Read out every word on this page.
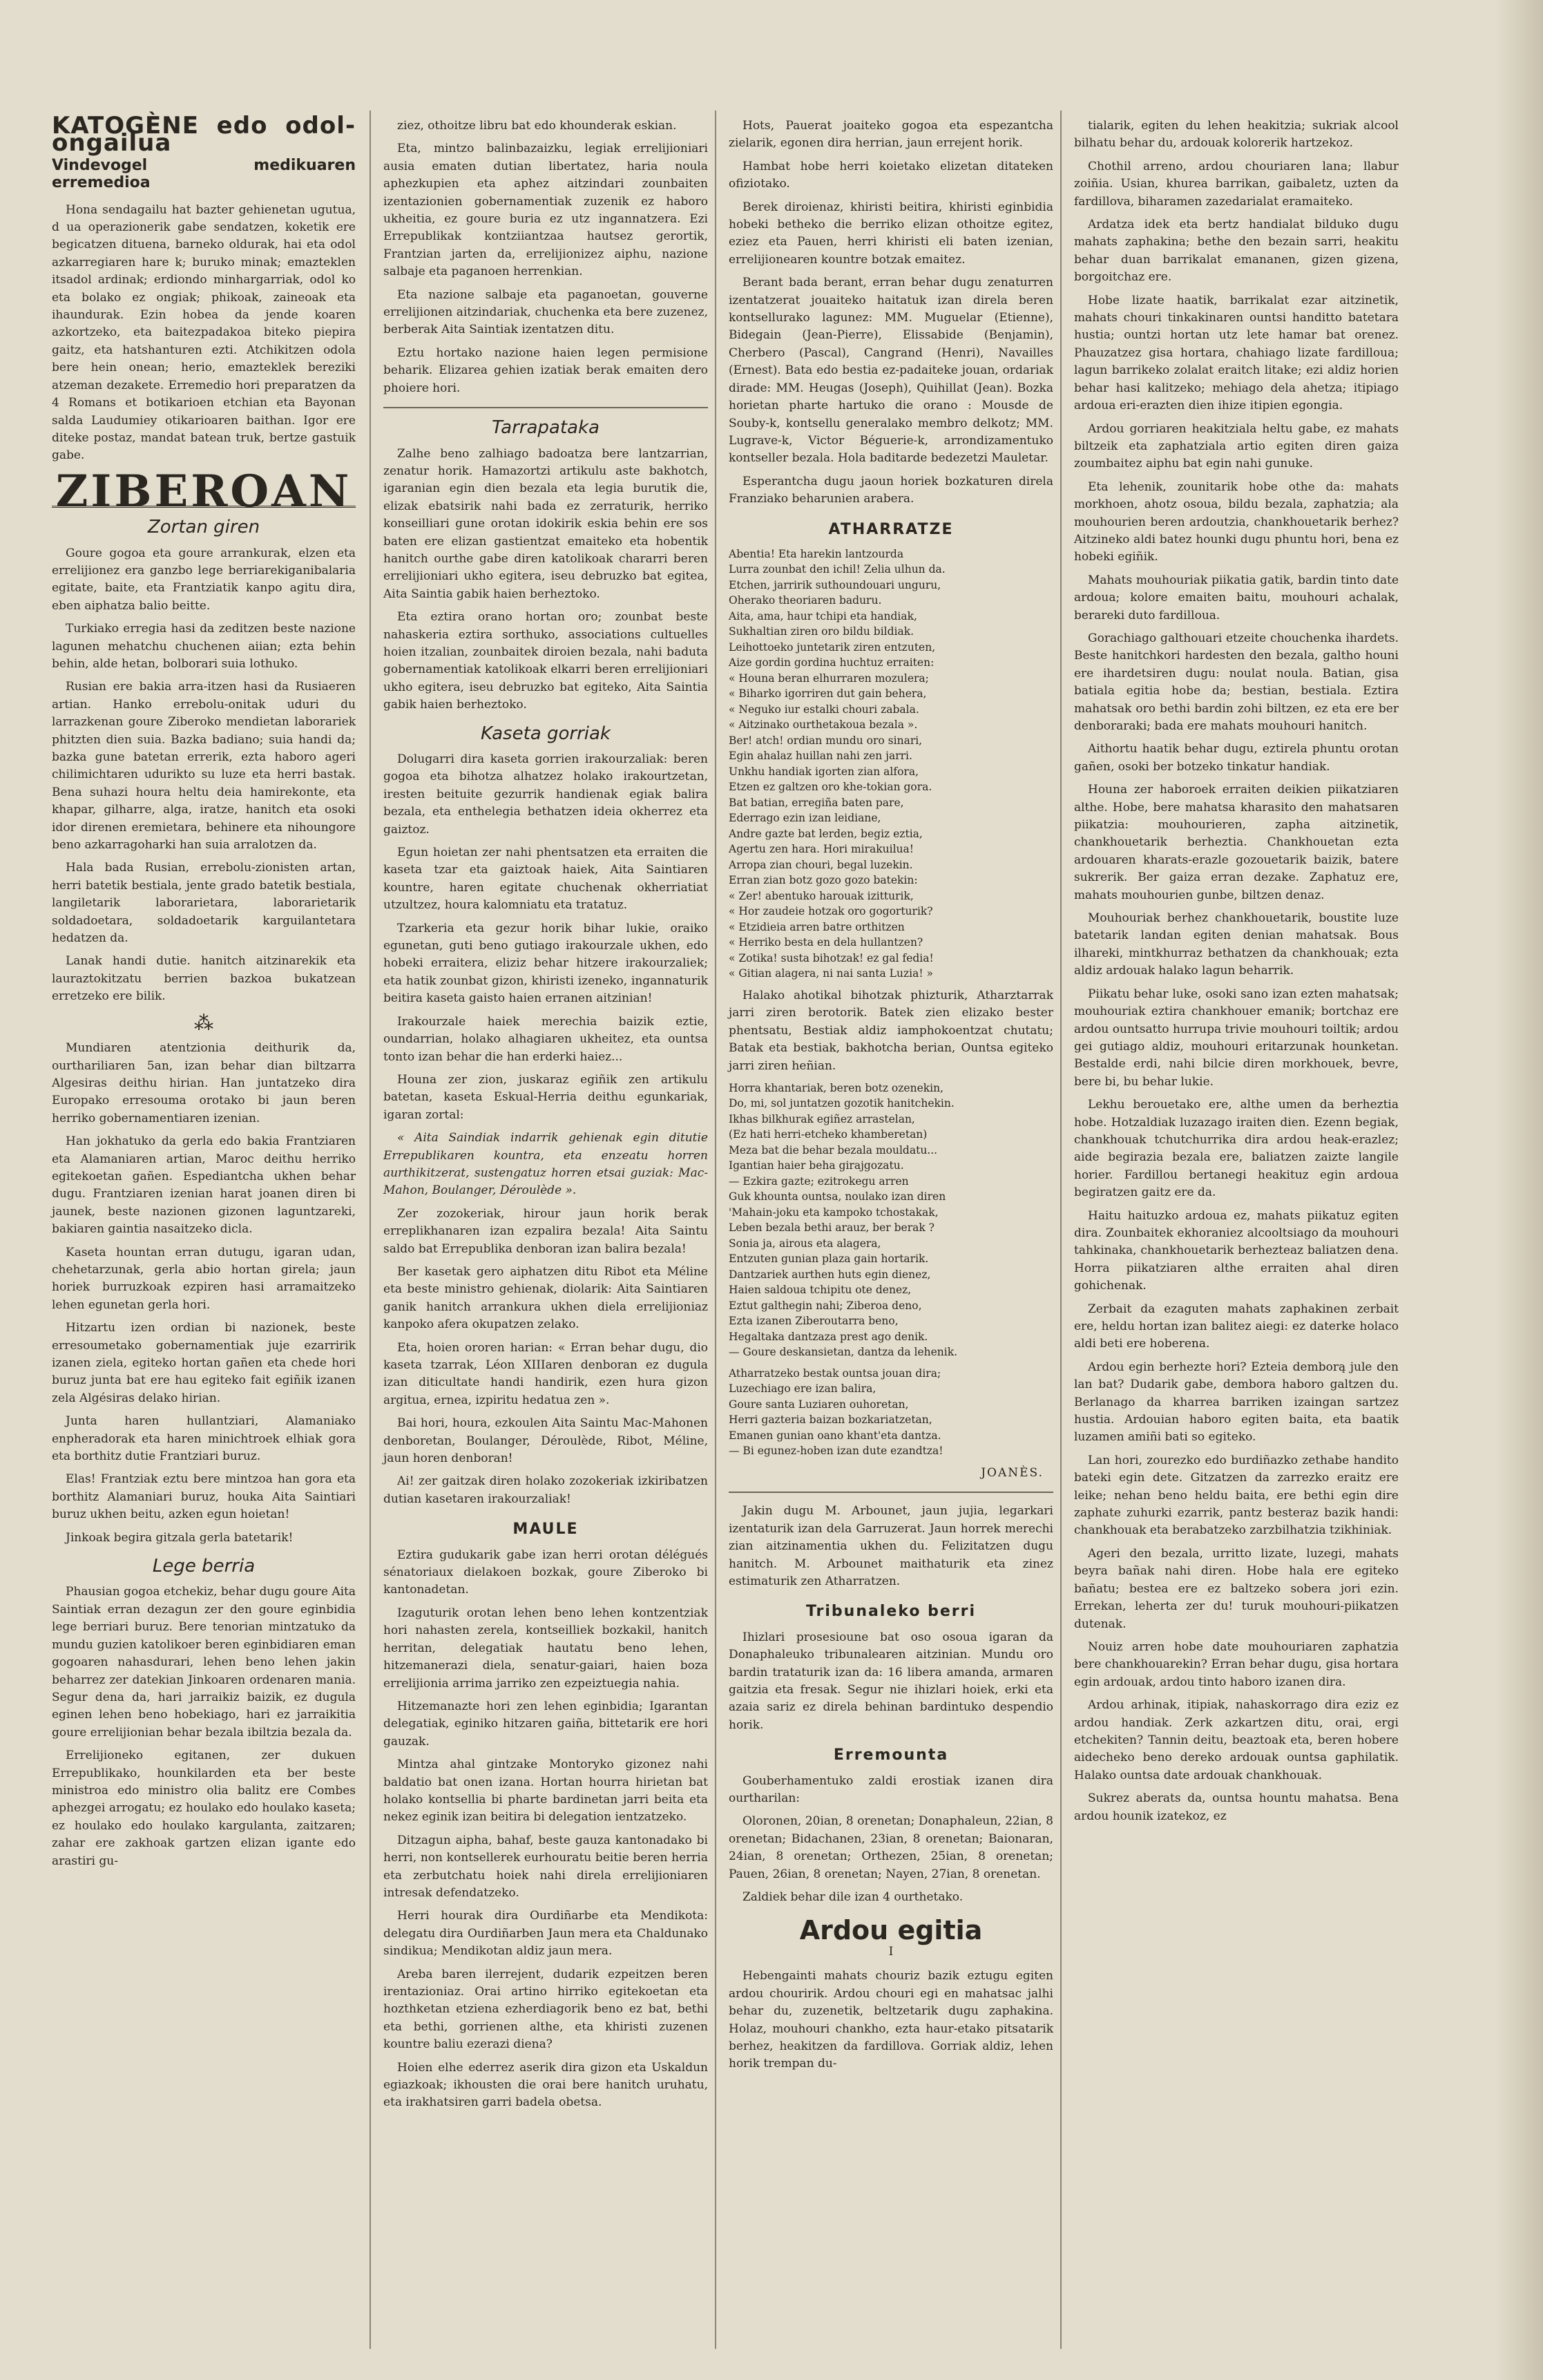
KATOGÈNE edo odol-ongailua
Vindevogel medikuaren erremedioa

Hona sendagailu hat bazter gehienetan ugutua, d ua operazionerik gabe sendatzen, koketik ere begicatzen dituena, barneko oldurak, hai eta odol azkarregiaren hare k; buruko minak; emazteklen itsadol ardinak; erdiondo minhargarriak, odol ko eta bolako ez ongiak; phikoak, zaineoak eta ihaundurak. Ezin hobea da jende koaren azkortzeko, eta baitezpadakoa biteko piepira gaitz, eta hatshanturen ezti. Atchikitzen odola bere hein onean; herio, emazteklek bereziki atzeman dezakete. Erremedio hori preparatzen da 4 Romans et botikarioen etchian eta Bayonan salda Laudumiey otikarioaren baithan. Igor ere diteke postaz, mandat batean truk, bertze gastuik gabe.

ZIBEROAN
Zortan giren

Goure gogoa eta goure arrankurak, elzen eta errelijionez era ganzbo lege berriarekiganibalaria egitate, baite, eta Frantziatik kanpo agitu dira, eben aiphatza balio beitte.

Turkiako erregia hasi da zeditzen beste nazione lagunen mehatchu chuchenen aiian; ezta behin behin, alde hetan, bolborari suia lothuko.

Rusian ere bakia arra-itzen hasi da Rusiaeren artian. Hanko errebolu-onitak uduri du larrazkenan goure Ziberoko mendietan laborariek phitzten dien suia. Bazka badiano; suia handi da; bazka gune batetan errerik, ezta haboro ageri chilimichtaren udurikto su luze eta herri bastak. Bena suhazi houra heltu deia hamirekonte, eta khapar, gilharre, alga, iratze, hanitch eta osoki idor direnen eremietara, behinere eta nihoungore beno azkarragoharki han suia arralotzen da.

Hala bada Rusian, errebolu-zionisten artan, herri batetik bestiala, jente grado batetik bestiala, langiletarik laborarietara, laborarietarik soldadoetara, soldadoetarik karguilantetara hedatzen da.

Lanak handi dutie. hanitch aitzinarekik eta lauraztokitzatu berrien bazkoa bukatzean erretzeko ere bilik.

⁂

Mundiaren atentzionia deithurik da, ourthariliaren 5an, izan behar dian biltzarra Algesiras deithu hirian. Han juntatzeko dira Europako erresouma orotako bi jaun beren herriko gobernamentiaren izenian.

Han jokhatuko da gerla edo bakia Frantziaren eta Alamaniaren artian, Maroc deithu herriko egitekoetan gañen. Espediantcha ukhen behar dugu. Frantziaren izenian harat joanen diren bi jaunek, beste nazionen gizonen laguntzareki, bakiaren gaintia nasaitzeko dicla.

Kaseta hountan erran dutugu, igaran udan, chehetarzunak, gerla abio hortan girela; jaun horiek burruzkoak ezpiren hasi arramaitzeko lehen egunetan gerla hori.

Hitzartu izen ordian bi nazionek, beste erresoumetako gobernamentiak juje ezarririk izanen ziela, egiteko hortan gañen eta chede hori buruz junta bat ere hau egiteko fait egiñik izanen zela Algésiras delako hirian.

Junta haren hullantziari, Alamaniako enpheradorak eta haren minichtroek elhiak gora eta borthitz dutie Frantziari buruz.

Elas! Frantziak eztu bere mintzoa han gora eta borthitz Alamaniari buruz, houka Aita Saintiari buruz ukhen beitu, azken egun hoietan!

Jinkoak begira gitzala gerla batetarik!

Lege berria

Phausian gogoa etchekiz, behar dugu goure Aita Saintiak erran dezagun zer den goure eginbidia lege berriari buruz. Bere tenorian mintzatuko da mundu guzien katolikoer beren eginbidiaren eman gogoaren nahasdurari, lehen beno lehen jakin beharrez zer datekian Jinkoaren ordenaren mania. Segur dena da, hari jarraikiz baizik, ez dugula eginen lehen beno hobekiago, hari ez jarraikitia goure errelijionian behar bezala ibiltzia bezala da.

Errelijioneko egitanen, zer dukuen Errepublikako, hounkilarden eta ber beste ministroa edo ministro olia balitz ere Combes aphezgei arrogatu; ez houlako edo houlako kaseta; ez houlako edo houlako kargulanta, zaitzaren; zahar ere zakhoak gartzen elizan igante edo arastiri gu-

ziez, othoitze libru bat edo khounderak eskian.

Eta, mintzo balinbazaizku, legiak errelijioniari ausia ematen dutian libertatez, haria noula aphezkupien eta aphez aitzindari zounbaiten izentazionien gobernamentiak zuzenik ez haboro ukheitia, ez goure buria ez utz ingannatzera. Ezi Errepublikak kontziiantzaa hautsez gerortik, Frantzian jarten da, errelijionizez aiphu, nazione salbaje eta paganoen herrenkian.

Eta nazione salbaje eta paganoetan, gouverne errelijionen aitzindariak, chuchenka eta bere zuzenez, berberak Aita Saintiak izentatzen ditu.

Eztu hortako nazione haien legen permisione beharik. Elizarea gehien izatiak berak emaiten dero phoiere hori.

Tarrapataka

Zalhe beno zalhiago badoatza bere lantzarrian, zenatur horik. Hamazortzi artikulu aste bakhotch, igaranian egin dien bezala eta legia burutik die, elizak ebatsirik nahi bada ez zerraturik, herriko konseilliari gune orotan idokirik eskia behin ere sos baten ere elizan gastientzat emaiteko eta hobentik hanitch ourthe gabe diren katolikoak chararri beren errelijioniari ukho egitera, iseu debruzko bat egitea, Aita Saintia gabik haien berheztoko.

Eta eztira orano hortan oro; zounbat beste nahaskeria eztira sorthuko, associations cultuelles hoien itzalian, zounbaitek diroien bezala, nahi baduta gobernamentiak katolikoak elkarri beren errelijioniari ukho egitera, iseu debruzko bat egiteko, Aita Saintia gabik haien berheztoko.

Kaseta gorriak

Dolugarri dira kaseta gorrien irakourzaliak: beren gogoa eta bihotza alhatzez holako irakourtzetan, iresten beituite gezurrik handienak egiak balira bezala, eta enthelegia bethatzen ideia okherrez eta gaiztoz.

Egun hoietan zer nahi phentsatzen eta erraiten die kaseta tzar eta gaiztoak haiek, Aita Saintiaren kountre, haren egitate chuchenak okherriatiat utzultzez, houra kalomniatu eta tratatuz.

Tzarkeria eta gezur horik bihar lukie, oraiko egunetan, guti beno gutiago irakourzale ukhen, edo hobeki erraitera, eliziz behar hitzere irakourzaliek; eta hatik zounbat gizon, khiristi izeneko, ingannaturik beitira kaseta gaisto haien erranen aitzinian!

Irakourzale haiek merechia baizik eztie, oundarrian, holako alhagiaren ukheitez, eta ountsa tonto izan behar die han erderki haiez...

Houna zer zion, juskaraz egiñik zen artikulu batetan, kaseta Eskual-Herria deithu egunkariak, igaran zortal:

« Aita Saindiak indarrik gehienak egin ditutie Errepublikaren kountra, eta enzeatu horren aurthikitzerat, sustengatuz horren etsai guziak: Mac-Mahon, Boulanger, Déroulède ».

Zer zozokeriak, hirour jaun horik berak erreplikhanaren izan ezpalira bezala! Aita Saintu saldo bat Errepublika denboran izan balira bezala!

Ber kasetak gero aiphatzen ditu Ribot eta Méline eta beste ministro gehienak, diolarik: Aita Saintiaren ganik hanitch arrankura ukhen diela errelijioniaz kanpoko afera okupatzen zelako.

Eta, hoien ororen harian: « Erran behar dugu, dio kaseta tzarrak, Léon XIIIaren denboran ez dugula izan diticultate handi handirik, ezen hura gizon argitua, ernea, izpiritu hedatua zen ».

Bai hori, houra, ezkoulen Aita Saintu Mac-Mahonen denboretan, Boulanger, Déroulède, Ribot, Méline, jaun horen denboran!

Ai! zer gaitzak diren holako zozokeriak izkiribatzen dutian kasetaren irakourzaliak!

MAULE

Eztira gudukarik gabe izan herri orotan délégués sénatoriaux dielakoen bozkak, goure Ziberoko bi kantonadetan.

Izaguturik orotan lehen beno lehen kontzentziak hori nahasten zerela, kontseilliek bozkakil, hanitch herritan, delegatiak hautatu beno lehen, hitzemanerazi diela, senatur-gaiari, haien boza errelijionia arrima jarriko zen ezpeiztuegia nahia.

Hitzemanazte hori zen lehen eginbidia; Igarantan delegatiak, eginiko hitzaren gaiña, bittetarik ere hori gauzak.

Mintza ahal gintzake Montoryko gizonez nahi baldatio bat onen izana. Hortan hourra hirietan bat holako kontsellia bi pharte bardinetan jarri beita eta nekez eginik izan beitira bi delegation ientzatzeko.

Ditzagun aipha, bahaf, beste gauza kantonadako bi herri, non kontsellerek eurhouratu beitie beren herria eta zerbutchatu hoiek nahi direla errelijioniaren intresak defendatzeko.

Herri hourak dira Ourdiñarbe eta Mendikota: delegatu dira Ourdiñarben Jaun mera eta Chaldunako sindikua; Mendikotan aldiz jaun mera.

Areba baren ilerrejent, dudarik ezpeitzen beren irentazioniaz. Orai artino hirriko egitekoetan eta hozthketan etziena ezherdiagorik beno ez bat, bethi eta bethi, gorrienen althe, eta khiristi zuzenen kountre baliu ezerazi diena?

Hoien elhe ederrez aserik dira gizon eta Uskaldun egiazkoak; ikhousten die orai bere hanitch uruhatu, eta irakhatsiren garri badela obetsa.

Hots, Pauerat joaiteko gogoa eta espezantcha zielarik, egonen dira herrian, jaun errejent horik.

Hambat hobe herri koietako elizetan ditateken ofiziotako.

Berek diroienaz, khiristi beitira, khiristi eginbidia hobeki betheko die berriko elizan othoitze egitez, eziez eta Pauen, herri khiristi eli baten izenian, errelijionearen kountre botzak emaitez.

Berant bada berant, erran behar dugu zenaturren izentatzerat jouaiteko haitatuk izan direla beren kontsellurako lagunez: MM. Muguelar (Etienne), Bidegain (Jean-Pierre), Elissabide (Benjamin), Cherbero (Pascal), Cangrand (Henri), Navailles (Ernest). Bata edo bestia ez-padaiteke jouan, ordariak dirade: MM. Heugas (Joseph), Quihillat (Jean). Bozka horietan pharte hartuko die orano : Mousde de Souby-k, kontsellu generalako membro delkotz; MM. Lugrave-k, Victor Béguerie-k, arrondizamentuko kontseller bezala. Hola baditarde bedezetzi Mauletar.

Esperantcha dugu jaoun horiek bozkaturen direla Franziako beharunien arabera.

ATHARRATZE

Abentia! Eta harekin lantzourda
Lurra zounbat den ichil! Zelia ulhun da.
Etchen, jarririk suthoundouari unguru,
Oherako theoriaren baduru.
Aita, ama, haur tchipi eta handiak,
Sukhaltian ziren oro bildu bildiak.
Leihottoeko juntetarik ziren entzuten,
Aize gordin gordina huchtuz erraiten:
« Houna beran elhurraren mozulera;
« Biharko igorriren dut gain behera,
« Neguko iur estalki chouri zabala.
« Aitzinako ourthetakoua bezala ».
Ber! atch! ordian mundu oro sinari,
Egin ahalaz huillan nahi zen jarri.
Unkhu handiak igorten zian alfora,
Etzen ez galtzen oro khe-tokian gora.
Bat batian, erregiña baten pare,
Ederrago ezin izan leidiane,
Andre gazte bat lerden, begiz eztia,
Agertu zen hara. Hori mirakuilua!
Arropa zian chouri, begal luzekin.
Erran zian botz gozo gozo batekin:
« Zer! abentuko harouak izitturik,
« Hor zaudeie hotzak oro gogorturik?
« Etzidieia arren batre orthitzen
« Herriko besta en dela hullantzen?
« Zotika! susta bihotzak! ez gal fedia!
« Gitian alagera, ni nai santa Luzia! »

Halako ahotikal bihotzak phizturik, Atharztarrak jarri ziren berotorik. Batek zien elizako bester phentsatu, Bestiak aldiz iamphokoentzat chutatu; Batak eta bestiak, bakhotcha berian, Ountsa egiteko jarri ziren heñian.

Horra khantariak, beren botz ozenekin,
Do, mi, sol juntatzen gozotik hanitchekin.
Ikhas bilkhurak egiñez arrastelan,
(Ez hati herri-etcheko khamberetan)
Meza bat die behar bezala mouldatu...
Igantian haier beha girajgozatu.
— Ezkira gazte; ezitrokegu arren
Guk khounta ountsa, noulako izan diren
'Mahain-joku eta kampoko tchostakak,
Leben bezala bethi arauz, ber berak ?
Sonia ja, airous eta alagera,
Entzuten gunian plaza gain hortarik.
Dantzariek aurthen huts egin dienez,
Haien saldoua tchipitu ote denez,
Eztut galthegin nahi; Ziberoa deno,
Ezta izanen Ziberoutarra beno,
Hegaltaka dantzaza prest ago denik.
— Goure deskansietan, dantza da lehenik.

Atharratzeko bestak ountsa jouan dira;
Luzechiago ere izan balira,
Goure santa Luziaren ouhoretan,
Herri gazteria baizan bozkariatzetan,
Emanen gunian oano khant'eta dantza.
— Bi egunez-hoben izan dute ezandtza!

JOANÈS.

Jakin dugu M. Arbounet, jaun jujia, legarkari izentaturik izan dela Garruzerat. Jaun horrek merechi zian aitzinamentia ukhen du. Felizitatzen dugu hanitch. M. Arbounet maithaturik eta zinez estimaturik zen Atharratzen.

Tribunaleko berri

Ihizlari prosesioune bat oso osoua igaran da Donaphaleuko tribunalearen aitzinian. Mundu oro bardin trataturik izan da: 16 libera amanda, armaren gaitzia eta fresak. Segur nie ihizlari hoiek, erki eta azaia sariz ez direla behinan bardintuko despendio horik.

Erremounta

Gouberhamentuko zaldi erostiak izanen dira ourtharilan:

Oloronen, 20ian, 8 orenetan; Donaphaleun, 22ian, 8 orenetan; Bidachanen, 23ian, 8 orenetan; Baionaran, 24ian, 8 orenetan; Orthezen, 25ian, 8 orenetan; Pauen, 26ian, 8 orenetan; Nayen, 27ian, 8 orenetan.

Zaldiek behar dile izan 4 ourthetako.

Ardou egitia
I

Hebengainti mahats chouriz bazik eztugu egiten ardou chouririk. Ardou chouri egi en mahatsac jalhi behar du, zuzenetik, beltzetarik dugu zaphakina. Holaz, mouhouri chankho, ezta haur-etako pitsatarik berhez, heakitzen da fardillova. Gorriak aldiz, lehen horik trempan du-

tialarik, egiten du lehen heakitzia; sukriak alcool bilhatu behar du, ardouak kolorerik hartzekoz.

Chothil arreno, ardou chouriaren lana; llabur zoiñia. Usian, khurea barrikan, gaibaletz, uzten da fardillova, biharamen zazedarialat eramaiteko.

Ardatza idek eta bertz handialat bilduko dugu mahats zaphakina; bethe den bezain sarri, heakitu behar duan barrikalat emananen, gizen gizena, borgoitchaz ere.

Hobe lizate haatik, barrikalat ezar aitzinetik, mahats chouri tinkakinaren ountsi handitto batetara hustia; ountzi hortan utz lete hamar bat orenez. Phauzatzez gisa hortara, chahiago lizate fardilloua; lagun barrikeko zolalat eraitch litake; ezi aldiz horien behar hasi kalitzeko; mehiago dela ahetza; itipiago ardoua eri-erazten dien ihize itipien egongia.

Ardou gorriaren heakitziala heltu gabe, ez mahats biltzeik eta zaphatziala artio egiten diren gaiza zoumbaitez aiphu bat egin nahi gunuke.

Eta lehenik, zounitarik hobe othe da: mahats morkhoen, ahotz osoua, bildu bezala, zaphatzia; ala mouhourien beren ardoutzia, chankhouetarik berhez? Aitzineko aldi batez hounki dugu phuntu hori, bena ez hobeki egiñik.

Mahats mouhouriak piikatia gatik, bardin tinto date ardoua; kolore emaiten baitu, mouhouri achalak, berareki duto fardilloua.

Gorachiago galthouari etzeite chouchenka ihardets. Beste hanitchkori hardesten den bezala, galtho houni ere ihardetsiren dugu: noulat noula. Batian, gisa batiala egitia hobe da; bestian, bestiala. Eztira mahatsak oro bethi bardin zohi biltzen, ez eta ere ber denboraraki; bada ere mahats mouhouri hanitch.

Aithortu haatik behar dugu, eztirela phuntu orotan gañen, osoki ber botzeko tinkatur handiak.

Houna zer haboroek erraiten deikien piikatziaren althe. Hobe, bere mahatsa kharasito den mahatsaren piikatzia: mouhourieren, zapha aitzinetik, chankhouetarik berheztia. Chankhouetan ezta ardouaren kharats-erazle gozouetarik baizik, batere sukrerik. Ber gaiza erran dezake. Zaphatuz ere, mahats mouhourien gunbe, biltzen denaz.

Mouhouriak berhez chankhouetarik, boustite luze batetarik landan egiten denian mahatsak. Bous ilhareki, mintkhurraz bethatzen da chankhouak; ezta aldiz ardouak halako lagun beharrik.

Piikatu behar luke, osoki sano izan ezten mahatsak; mouhouriak eztira chankhouer emanik; bortchaz ere ardou ountsatto hurrupa trivie mouhouri toiltik; ardou gei gutiago aldiz, mouhouri eritarzunak hounketan. Bestalde erdi, nahi bilcie diren morkhouek, bevre, bere bi, bu behar lukie.

Lekhu berouetako ere, althe umen da berheztia hobe. Hotzaldiak luzazago iraiten dien. Ezenn begiak, chankhouak tchutchurrika dira ardou heak-erazlez; aide begirazia bezala ere, baliatzen zaizte langile horier. Fardillou bertanegi heakituz egin ardoua begiratzen gaitz ere da.

Haitu haituzko ardoua ez, mahats piikatuz egiten dira. Zounbaitek ekhoraniez alcooltsiago da mouhouri tahkinaka, chankhouetarik berhezteaz baliatzen dena. Horra piikatziaren althe erraiten ahal diren gohichenak.

Zerbait da ezaguten mahats zaphakinen zerbait ere, heldu hortan izan balitez aiegi: ez daterke holaco aldi beti ere hoberena.

Ardou egin berhezte hori? Ezteia demborą jule den lan bat? Dudarik gabe, dembora haboro galtzen du. Berlanago da kharrea barriken izaingan sartzez hustia. Ardouian haboro egiten baita, eta baatik luzamen amiñi bati so egiteko.

Lan hori, zourezko edo burdiñazko zethabe handito bateki egin dete. Gitzatzen da zarrezko eraitz ere leike; nehan beno heldu baita, ere bethi egin dire zaphate zuhurki ezarrik, pantz besteraz bazik handi: chankhouak eta berabatzeko zarzbilhatzia tzikhiniak.

Ageri den bezala, urritto lizate, luzegi, mahats beyra bañak nahi diren. Hobe hala ere egiteko bañatu; bestea ere ez baltzeko sobera jori ezin. Errekan, leherta zer du! turuk mouhouri-piikatzen dutenak.

Nouiz arren hobe date mouhouriaren zaphatzia bere chankhouarekin? Erran behar dugu, gisa hortara egin ardouak, ardou tinto haboro izanen dira.

Ardou arhinak, itipiak, nahaskorrago dira eziz ez ardou handiak. Zerk azkartzen ditu, orai, ergi etchekiten? Tannin deitu, beaztoak eta, beren hobere aidecheko beno dereko ardouak ountsa gaphilatik. Halako ountsa date ardouak chankhouak.

Sukrez aberats da, ountsa hountu mahatsa. Bena ardou hounik izatekoz, ez
